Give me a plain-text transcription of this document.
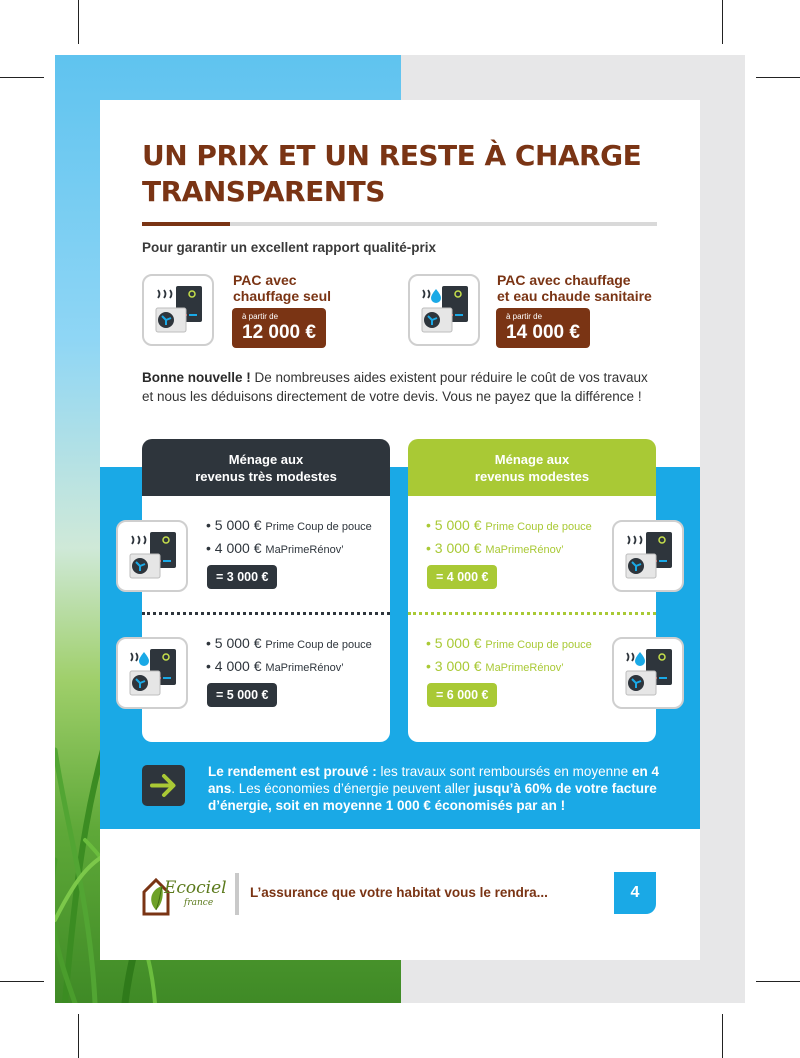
UN PRIX ET UN RESTE À CHARGE
TRANSPARENTS
Pour garantir un excellent rapport qualité-prix
PAC avec
chauffage seul
à partir de
12 000 €
PAC avec chauffage
et eau chaude sanitaire
à partir de
14 000 €
Bonne nouvelle ! De nombreuses aides existent pour réduire le coût de vos travaux et nous les déduisons directement de votre devis. Vous ne payez que la différence !
Ménage aux
revenus très modestes
Ménage aux
revenus modestes
• 5 000 € Prime Coup de pouce
• 4 000 € MaPrimeRénov’
= 3 000 €
• 5 000 € Prime Coup de pouce
• 4 000 € MaPrimeRénov’
= 5 000 €
• 5 000 € Prime Coup de pouce
• 3 000 € MaPrimeRénov’
= 4 000 €
• 5 000 € Prime Coup de pouce
• 3 000 € MaPrimeRénov’
= 6 000 €
Le rendement est prouvé : les travaux sont remboursés en moyenne en 4 ans. Les économies d’énergie peuvent aller jusqu’à 60% de votre facture d’énergie, soit en moyenne 1 000 € économisés par an !
Ecociel
france
L’assurance que votre habitat vous le rendra...	4
